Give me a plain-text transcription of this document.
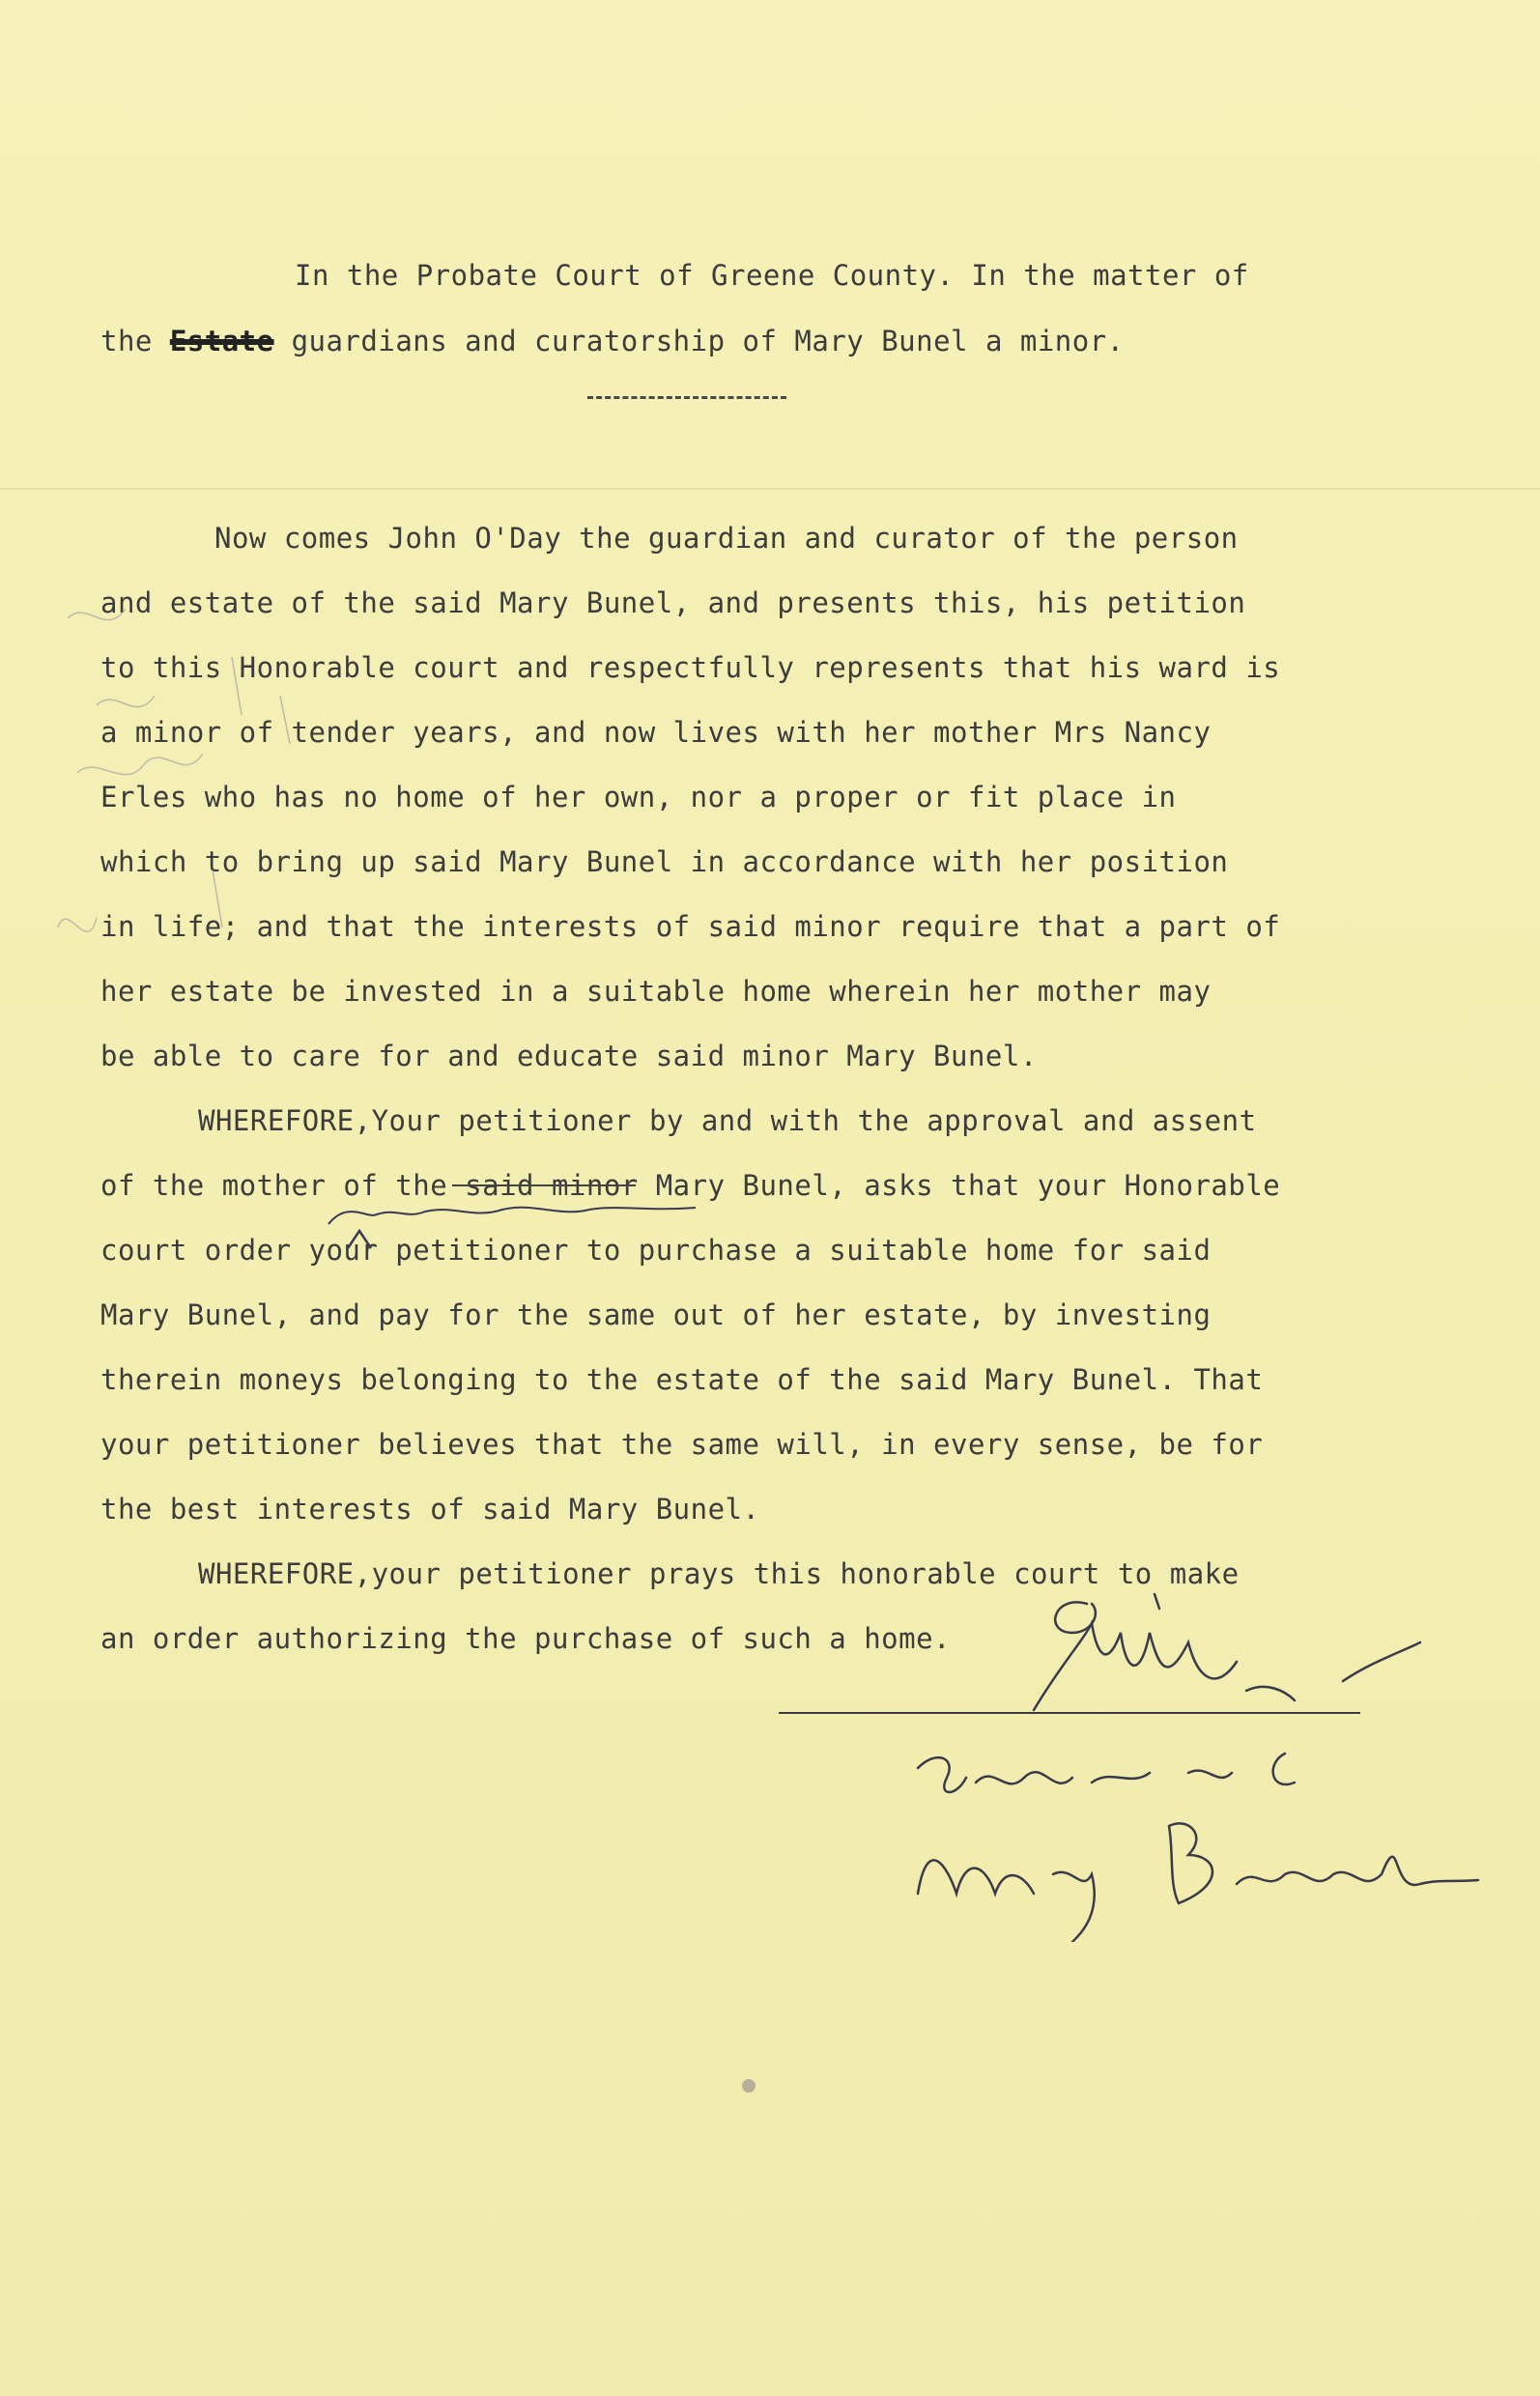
In the Probate Court of Greene County. In the matter of
the Estate guardians and curatorship of Mary Bunel a minor.
Now comes John O'Day the guardian and curator of the person
and estate of the said Mary Bunel, and presents this, his petition
to this Honorable court and respectfully represents that his ward is
a minor of tender years, and now lives with her mother Mrs Nancy
Erles who has no home of her own, nor a proper or fit place in
which to bring up said Mary Bunel in accordance with her position
in life; and that the interests of said minor require that a part of
her estate be invested in a suitable home wherein her mother may
be able to care for and educate said minor Mary Bunel.
WHEREFORE,Your petitioner by and with the approval and assent
of the mother of the said minor Mary Bunel, asks that your Honorable
court order your petitioner to purchase a suitable home for said
Mary Bunel, and pay for the same out of her estate, by investing
therein moneys belonging to the estate of the said Mary Bunel. That
your petitioner believes that the same will, in every sense, be for
the best interests of said Mary Bunel.
WHEREFORE,your petitioner prays this honorable court to make
an order authorizing the purchase of such a home.
